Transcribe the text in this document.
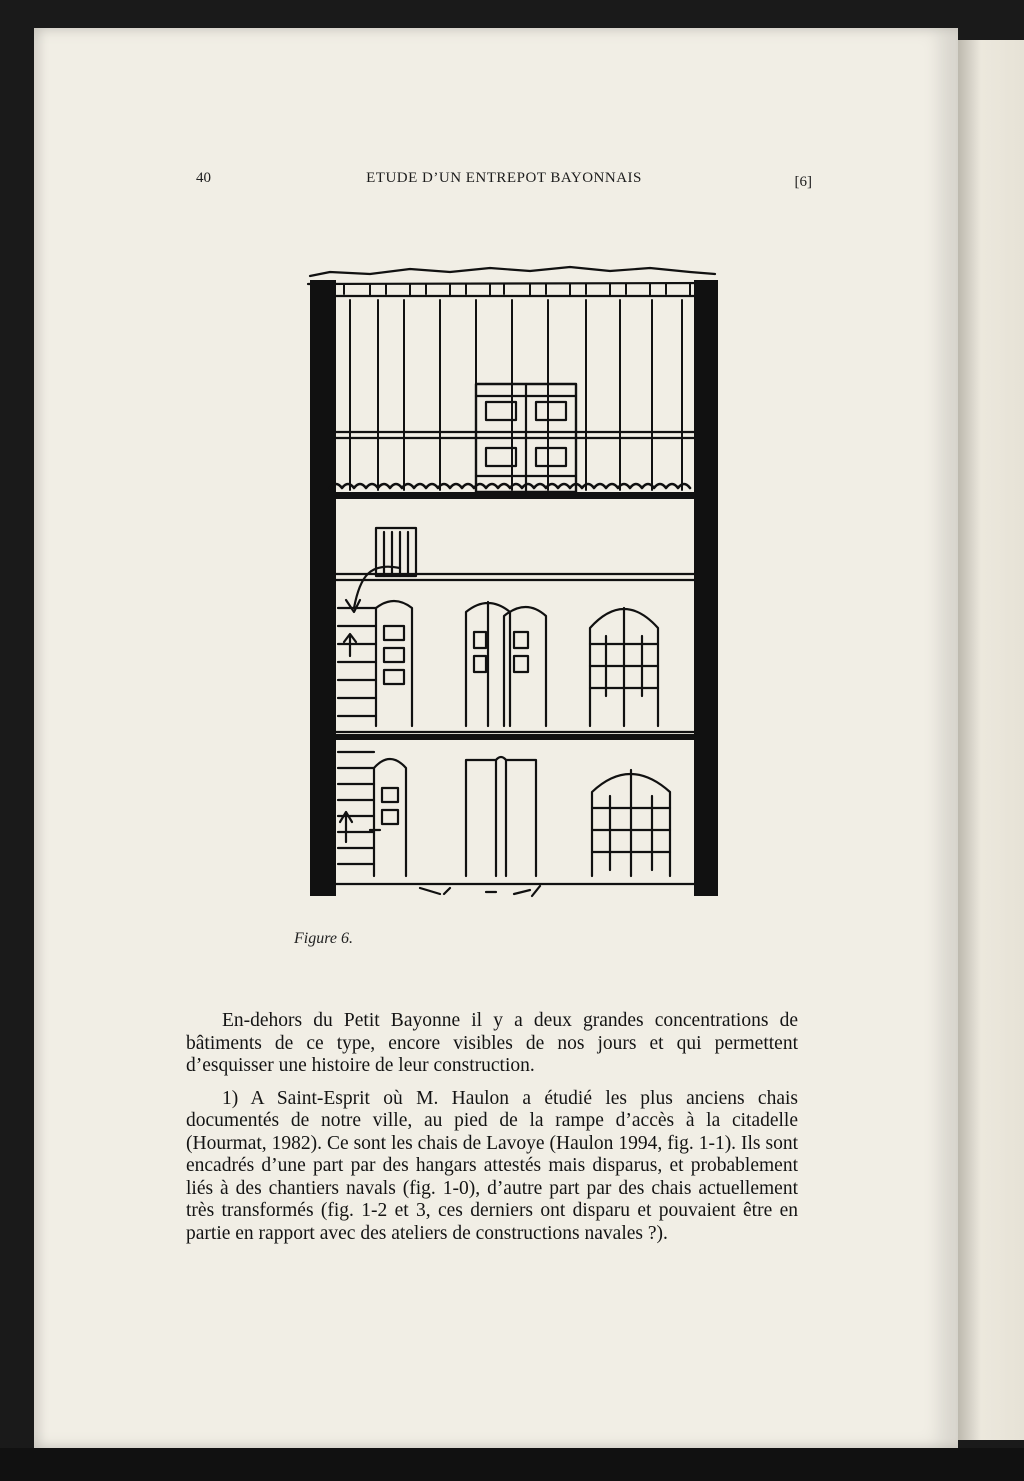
40	ETUDE D’UN ENTREPOT BAYONNAIS	[6]
Figure 6.

En-dehors du Petit Bayonne il y a deux grandes concentrations de bâtiments de ce type, encore visibles de nos jours et qui permettent d’esquisser une histoire de leur construction.

1) A Saint-Esprit où M. Haulon a étudié les plus anciens chais documentés de notre ville, au pied de la rampe d’accès à la citadelle (Hourmat, 1982). Ce sont les chais de Lavoye (Haulon 1994, fig. 1-1). Ils sont encadrés d’une part par des hangars attestés mais disparus, et probablement liés à des chantiers navals (fig. 1-0), d’autre part par des chais actuellement très transformés (fig. 1-2 et 3, ces derniers ont disparu et pouvaient être en partie en rapport avec des ateliers de constructions navales ?).
